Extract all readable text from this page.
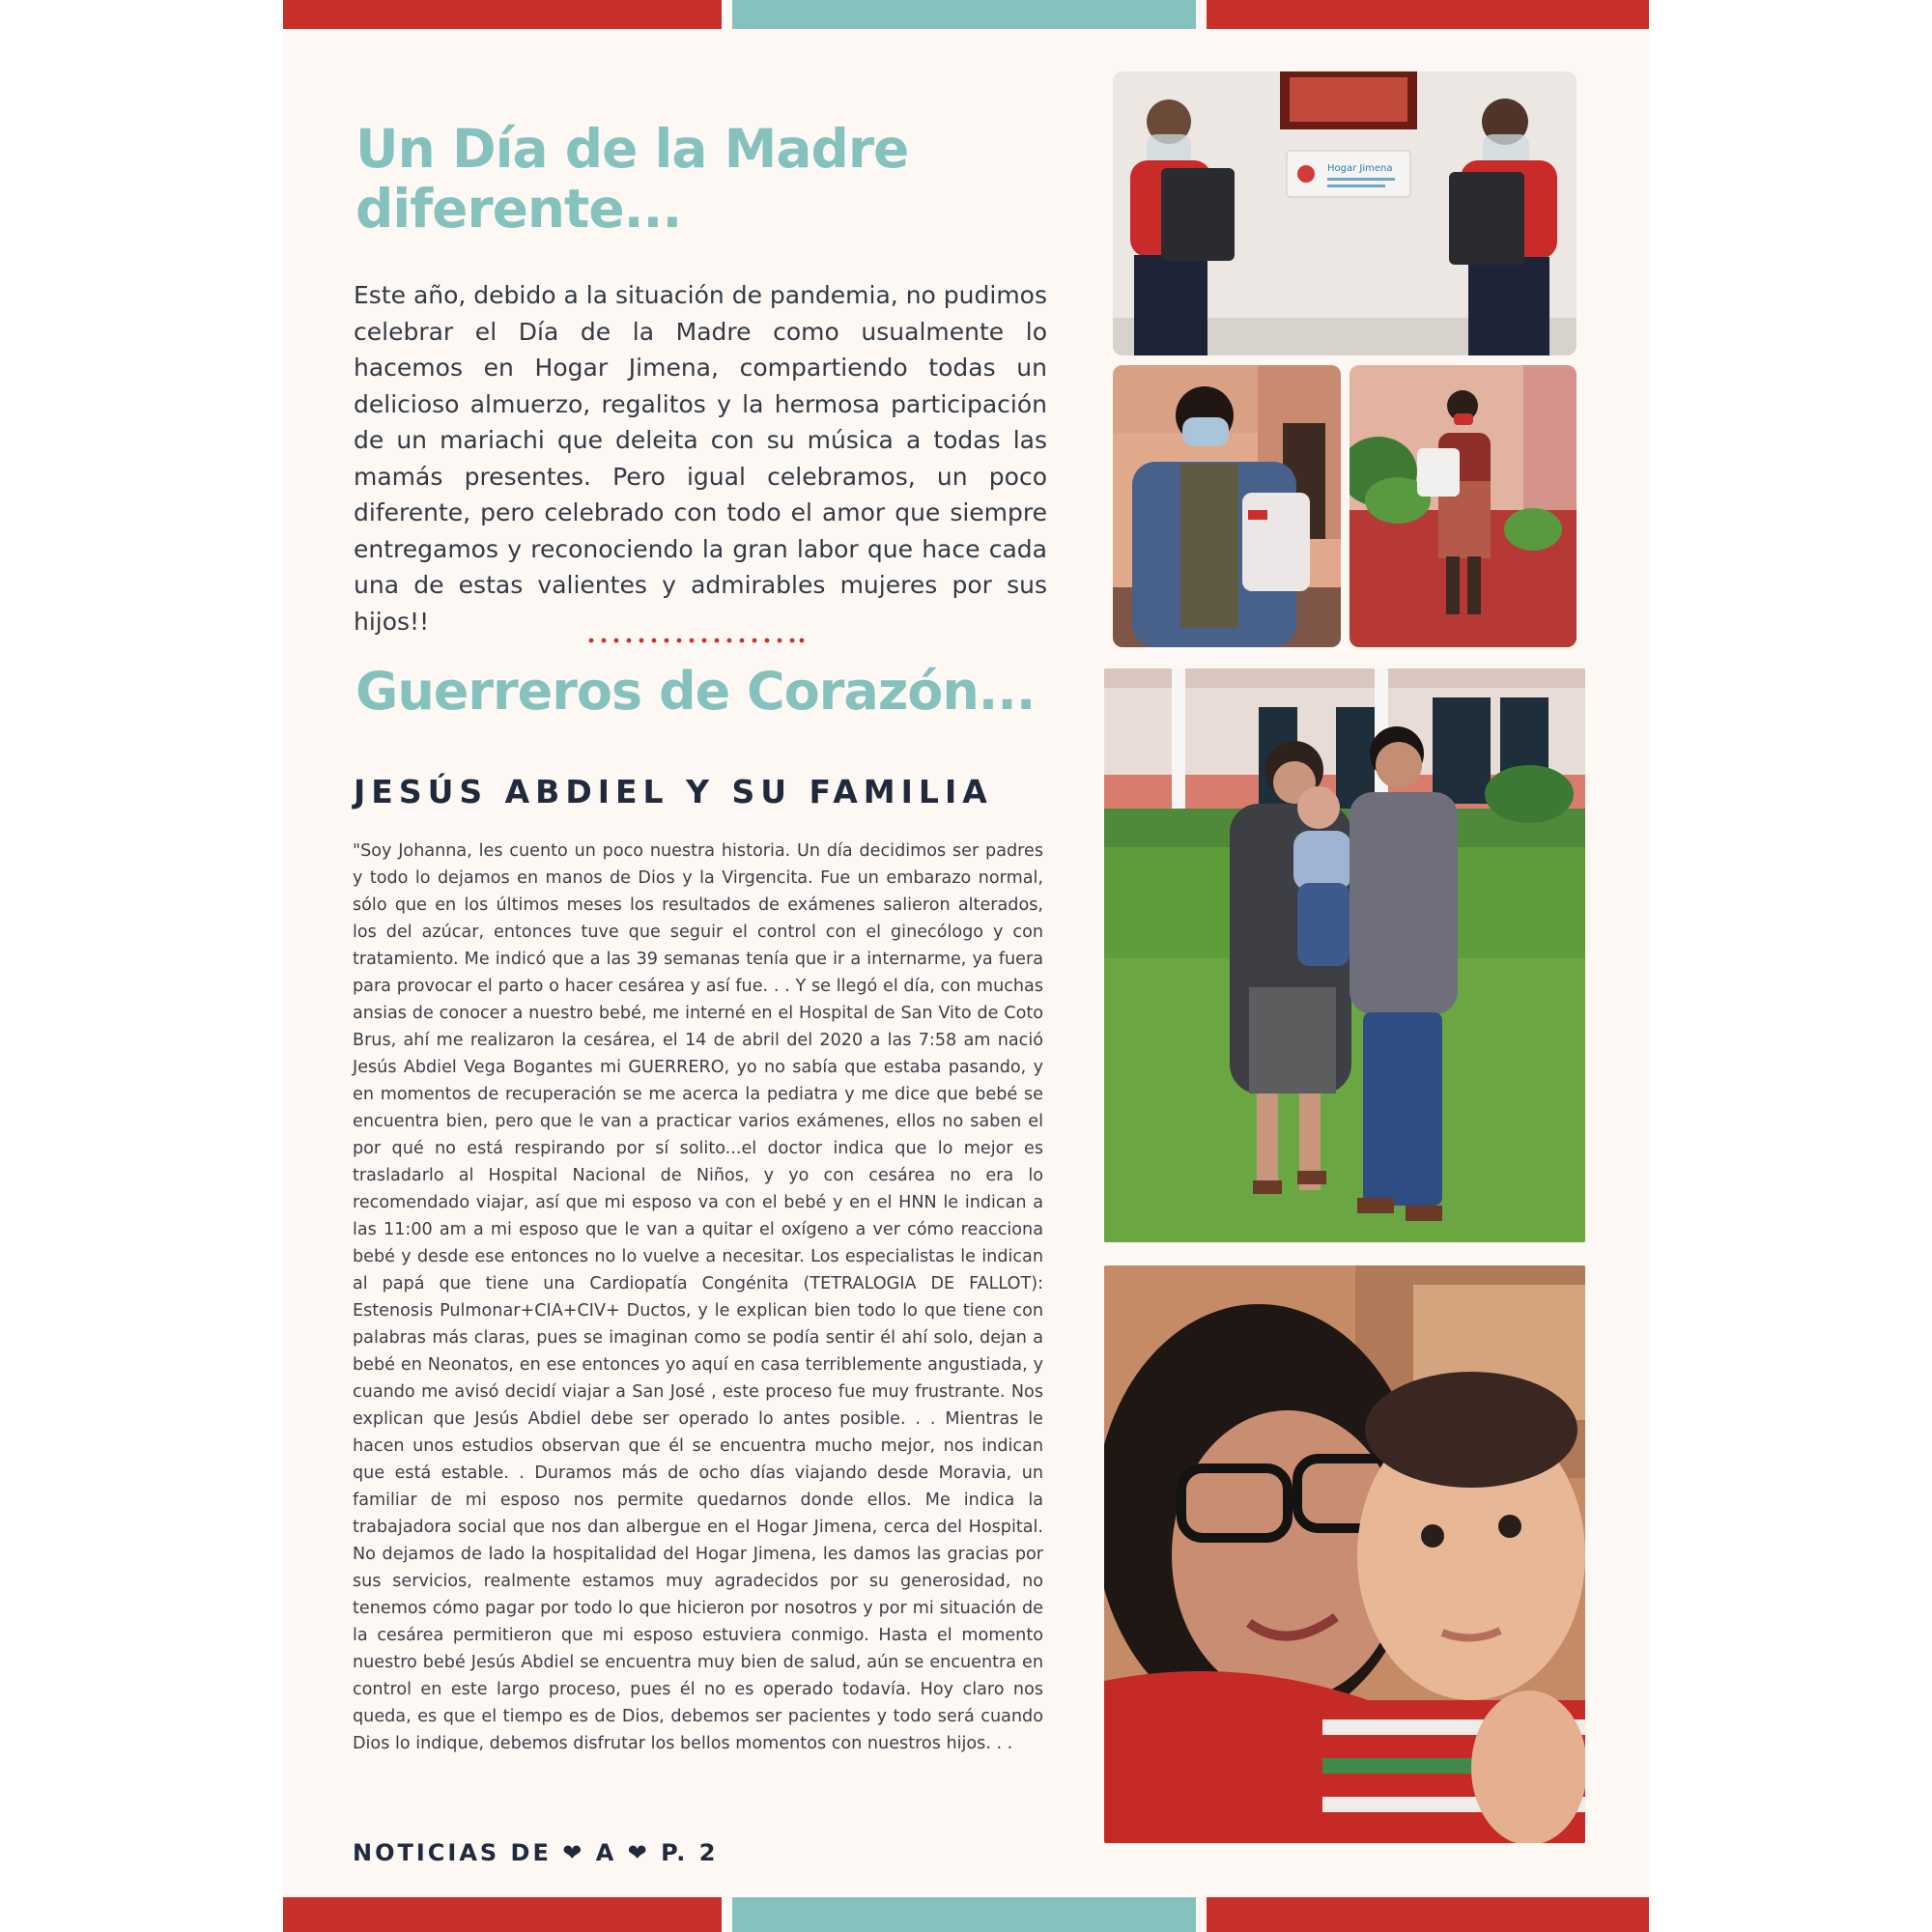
Un Día de la Madre
diferente...

Este año, debido a la situación de pandemia, no pudimos celebrar el Día de la Madre como usualmente lo hacemos en Hogar Jimena, compartiendo todas un delicioso almuerzo, regalitos y la hermosa participación de un mariachi que deleita con su música a todas las mamás presentes. Pero igual celebramos, un poco diferente, pero celebrado con todo el amor que siempre entregamos y reconociendo la gran labor que hace cada una de estas valientes y admirables mujeres por sus hijos!!

Guerreros de Corazón...
JESÚS ABDIEL Y SU FAMILIA

"Soy Johanna, les cuento un poco nuestra historia. Un día decidimos ser padres y todo lo dejamos en manos de Dios y la Virgencita. Fue un embarazo normal, sólo que en los últimos meses los resultados de exámenes salieron alterados, los del azúcar, entonces tuve que seguir el control con el ginecólogo y con tratamiento. Me indicó que a las 39 semanas tenía que ir a internarme, ya fuera para provocar el parto o hacer cesárea y así fue. . . Y se llegó el día, con muchas ansias de conocer a nuestro bebé, me interné en el Hospital de San Vito de Coto Brus, ahí me realizaron la cesárea, el 14 de abril del 2020 a las 7:58 am nació Jesús Abdiel Vega Bogantes mi GUERRERO, yo no sabía que estaba pasando, y en momentos de recuperación se me acerca la pediatra y me dice que bebé se encuentra bien, pero que le van a practicar varios exámenes, ellos no saben el por qué no está respirando por sí solito...el doctor indica que lo mejor es trasladarlo al Hospital Nacional de Niños, y yo con cesárea no era lo recomendado viajar, así que mi esposo va con el bebé y en el HNN le indican a las 11:00 am a mi esposo que le van a quitar el oxígeno a ver cómo reacciona bebé y desde ese entonces no lo vuelve a necesitar. Los especialistas le indican al papá que tiene una Cardiopatía Congénita (TETRALOGIA DE FALLOT): Estenosis Pulmonar+CIA+CIV+ Ductos, y le explican bien todo lo que tiene con palabras más claras, pues se imaginan como se podía sentir él ahí solo, dejan a bebé en Neonatos, en ese entonces yo aquí en casa terriblemente angustiada, y cuando me avisó decidí viajar a San José , este proceso fue muy frustrante. Nos explican que Jesús Abdiel debe ser operado lo antes posible. . . Mientras le hacen unos estudios observan que él se encuentra mucho mejor, nos indican que está estable. . Duramos más de ocho días viajando desde Moravia, un familiar de mi esposo nos permite quedarnos donde ellos. Me indica la trabajadora social que nos dan albergue en el Hogar Jimena, cerca del Hospital. No dejamos de lado la hospitalidad del Hogar Jimena, les damos las gracias por sus servicios, realmente estamos muy agradecidos por su generosidad, no tenemos cómo pagar por todo lo que hicieron por nosotros y por mi situación de la cesárea permitieron que mi esposo estuviera conmigo. Hasta el momento nuestro bebé Jesús Abdiel se encuentra muy bien de salud, aún se encuentra en control en este largo proceso, pues él no es operado todavía. Hoy claro nos queda, es que el tiempo es de Dios, debemos ser pacientes y todo será cuando Dios lo indique, debemos disfrutar los bellos momentos con nuestros hijos. . .

NOTICIAS DE ❤ A ❤ P. 2

Hogar Jimena
